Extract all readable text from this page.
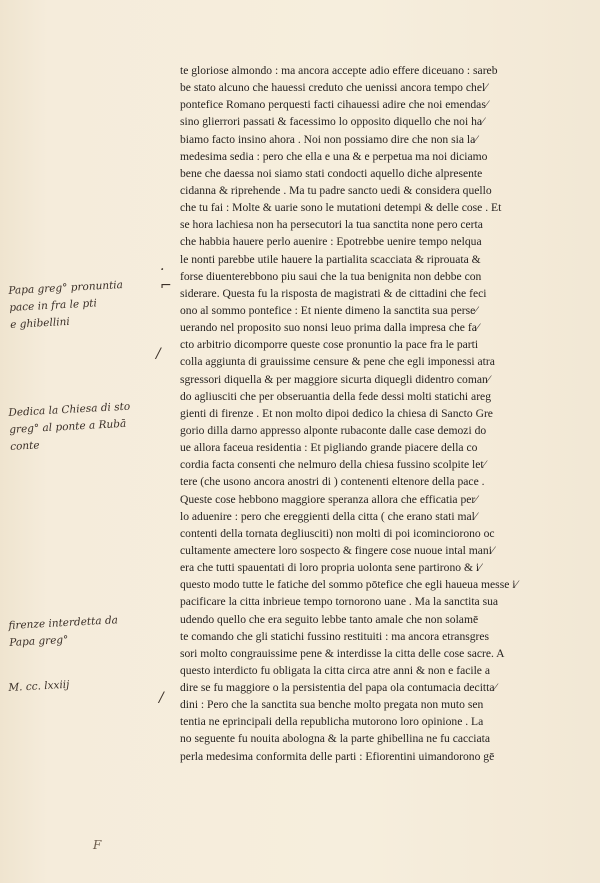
te gloriose almondo : ma ancora accepte adio effere diceuano : sareb
be stato alcuno che hauessi creduto che uenissi ancora tempo chel⁄
pontefice Romano perquesti facti cihauessi adire che noi emendas⁄
sino glierrori passati & facessimo lo opposito diquello che noi ha⁄
biamo facto insino ahora . Noi non possiamo dire che non sia la⁄
medesima sedia : pero che ella e una & e perpetua ma noi diciamo
bene che daessa noi siamo stati condocti aquello diche alpresente
cidanna & riprehende . Ma tu padre sancto uedi & considera quello
che tu fai : Molte & uarie sono le mutationi detempi & delle cose . Et
se hora lachiesa non ha persecutori la tua sanctita none pero certa
che habbia hauere perlo auenire : Epotrebbe uenire tempo nelqua
le nonti parebbe utile hauere la partialita scacciata & riprouata &
forse diuenterebbono piu saui che la tua benignita non debbe con
siderare. Questa fu la risposta de magistrati & de cittadini che feci
ono al sommo pontefice : Et niente dimeno la sanctita sua perse⁄
uerando nel proposito suo nonsi leuo prima dalla impresa che fa⁄
cto arbitrio dicomporre queste cose pronuntio la pace fra le parti
colla aggiunta di grauissime censure & pene che egli imponessi atra
sgressori diquella & per maggiore sicurta diquegli didentro coman⁄
do agliusciti che per obseruantia della fede dessi molti statichi areg
gienti di firenze . Et non molto dipoi dedico la chiesa di Sancto Gre
gorio dilla darno appresso alponte rubaconte dalle case demozi do
ue allora faceua residentia : Et pigliando grande piacere della co
cordia facta consenti che nelmuro della chiesa fussino scolpite let⁄
tere (che usono ancora anostri di ) contenenti eltenore della pace .
Queste cose hebbono maggiore speranza allora che efficatia per⁄
lo aduenire : pero che ereggienti della citta ( che erano stati mal⁄
contenti della tornata degliusciti) non molti di poi icominciorono oc
cultamente amectere loro sospecto & fingere cose nuoue intal mani⁄
era che tutti spauentati di loro propria uolonta sene partirono & i⁄
questo modo tutte le fatiche del sommo pōtefice che egli haueua messe i⁄
pacificare la citta inbrieue tempo tornorono uane . Ma la sanctita sua
udendo quello che era seguito lebbe tanto amale che non solamē
te comando che gli statichi fussino restituiti : ma ancora etransgres
sori molto congrauissime pene & interdisse la citta delle cose sacre. A
questo interdicto fu obligata la citta circa atre anni & non e facile a
dire se fu maggiore o la persistentia del papa ola contumacia decitta⁄
dini : Pero che la sanctita sua benche molto pregata non muto sen
tentia ne eprincipali della republicha mutorono loro opinione . La
no seguente fu nouita abologna & la parte ghibellina ne fu cacciata
perla medesima conformita delle parti : Efiorentini uimandorono gē
Papa greg° pronuntia
pace in fra le pti
e ghibellini
Dedica la Chiesa di sto
greg° al ponte a Rubā
conte
firenze interdetta da
Papa greg°
M. cc. lxxiij
· ⌐
/
/
F
